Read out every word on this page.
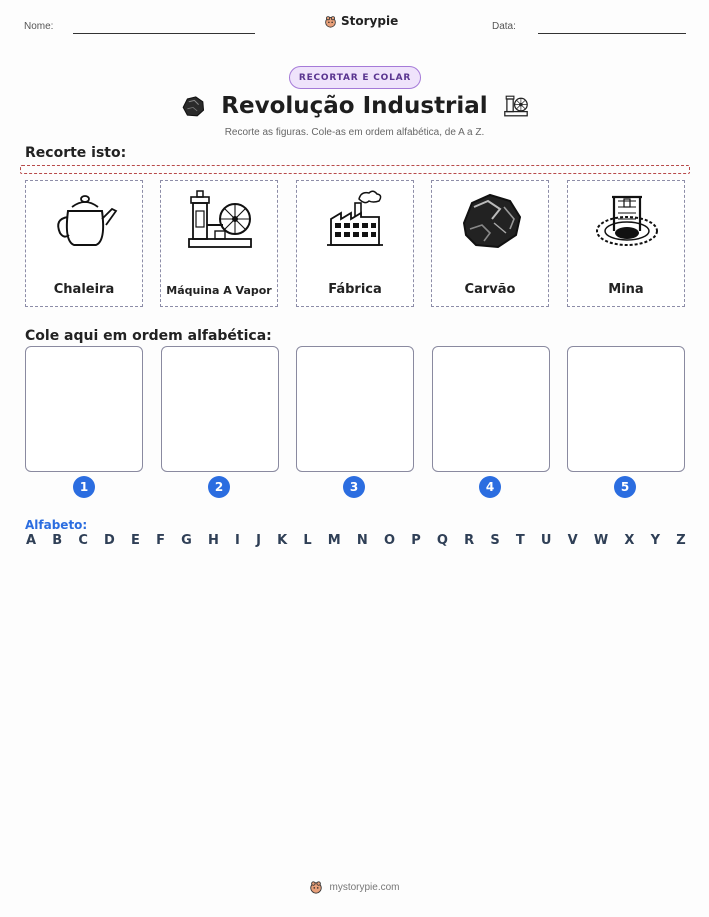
Nome:	Storypie	Data:
RECORTAR E COLAR
Revolução Industrial
Recorte as figuras. Cole-as em ordem alfabética, de A a Z.
Recorte isto:
Chaleira	Máquina A Vapor	Fábrica	Carvão	Mina
Cole aqui em ordem alfabética:
1	2	3	4	5
Alfabeto:
A B C D E F G H I J K L M N O P Q R S T U V W X Y Z
mystorypie.com
